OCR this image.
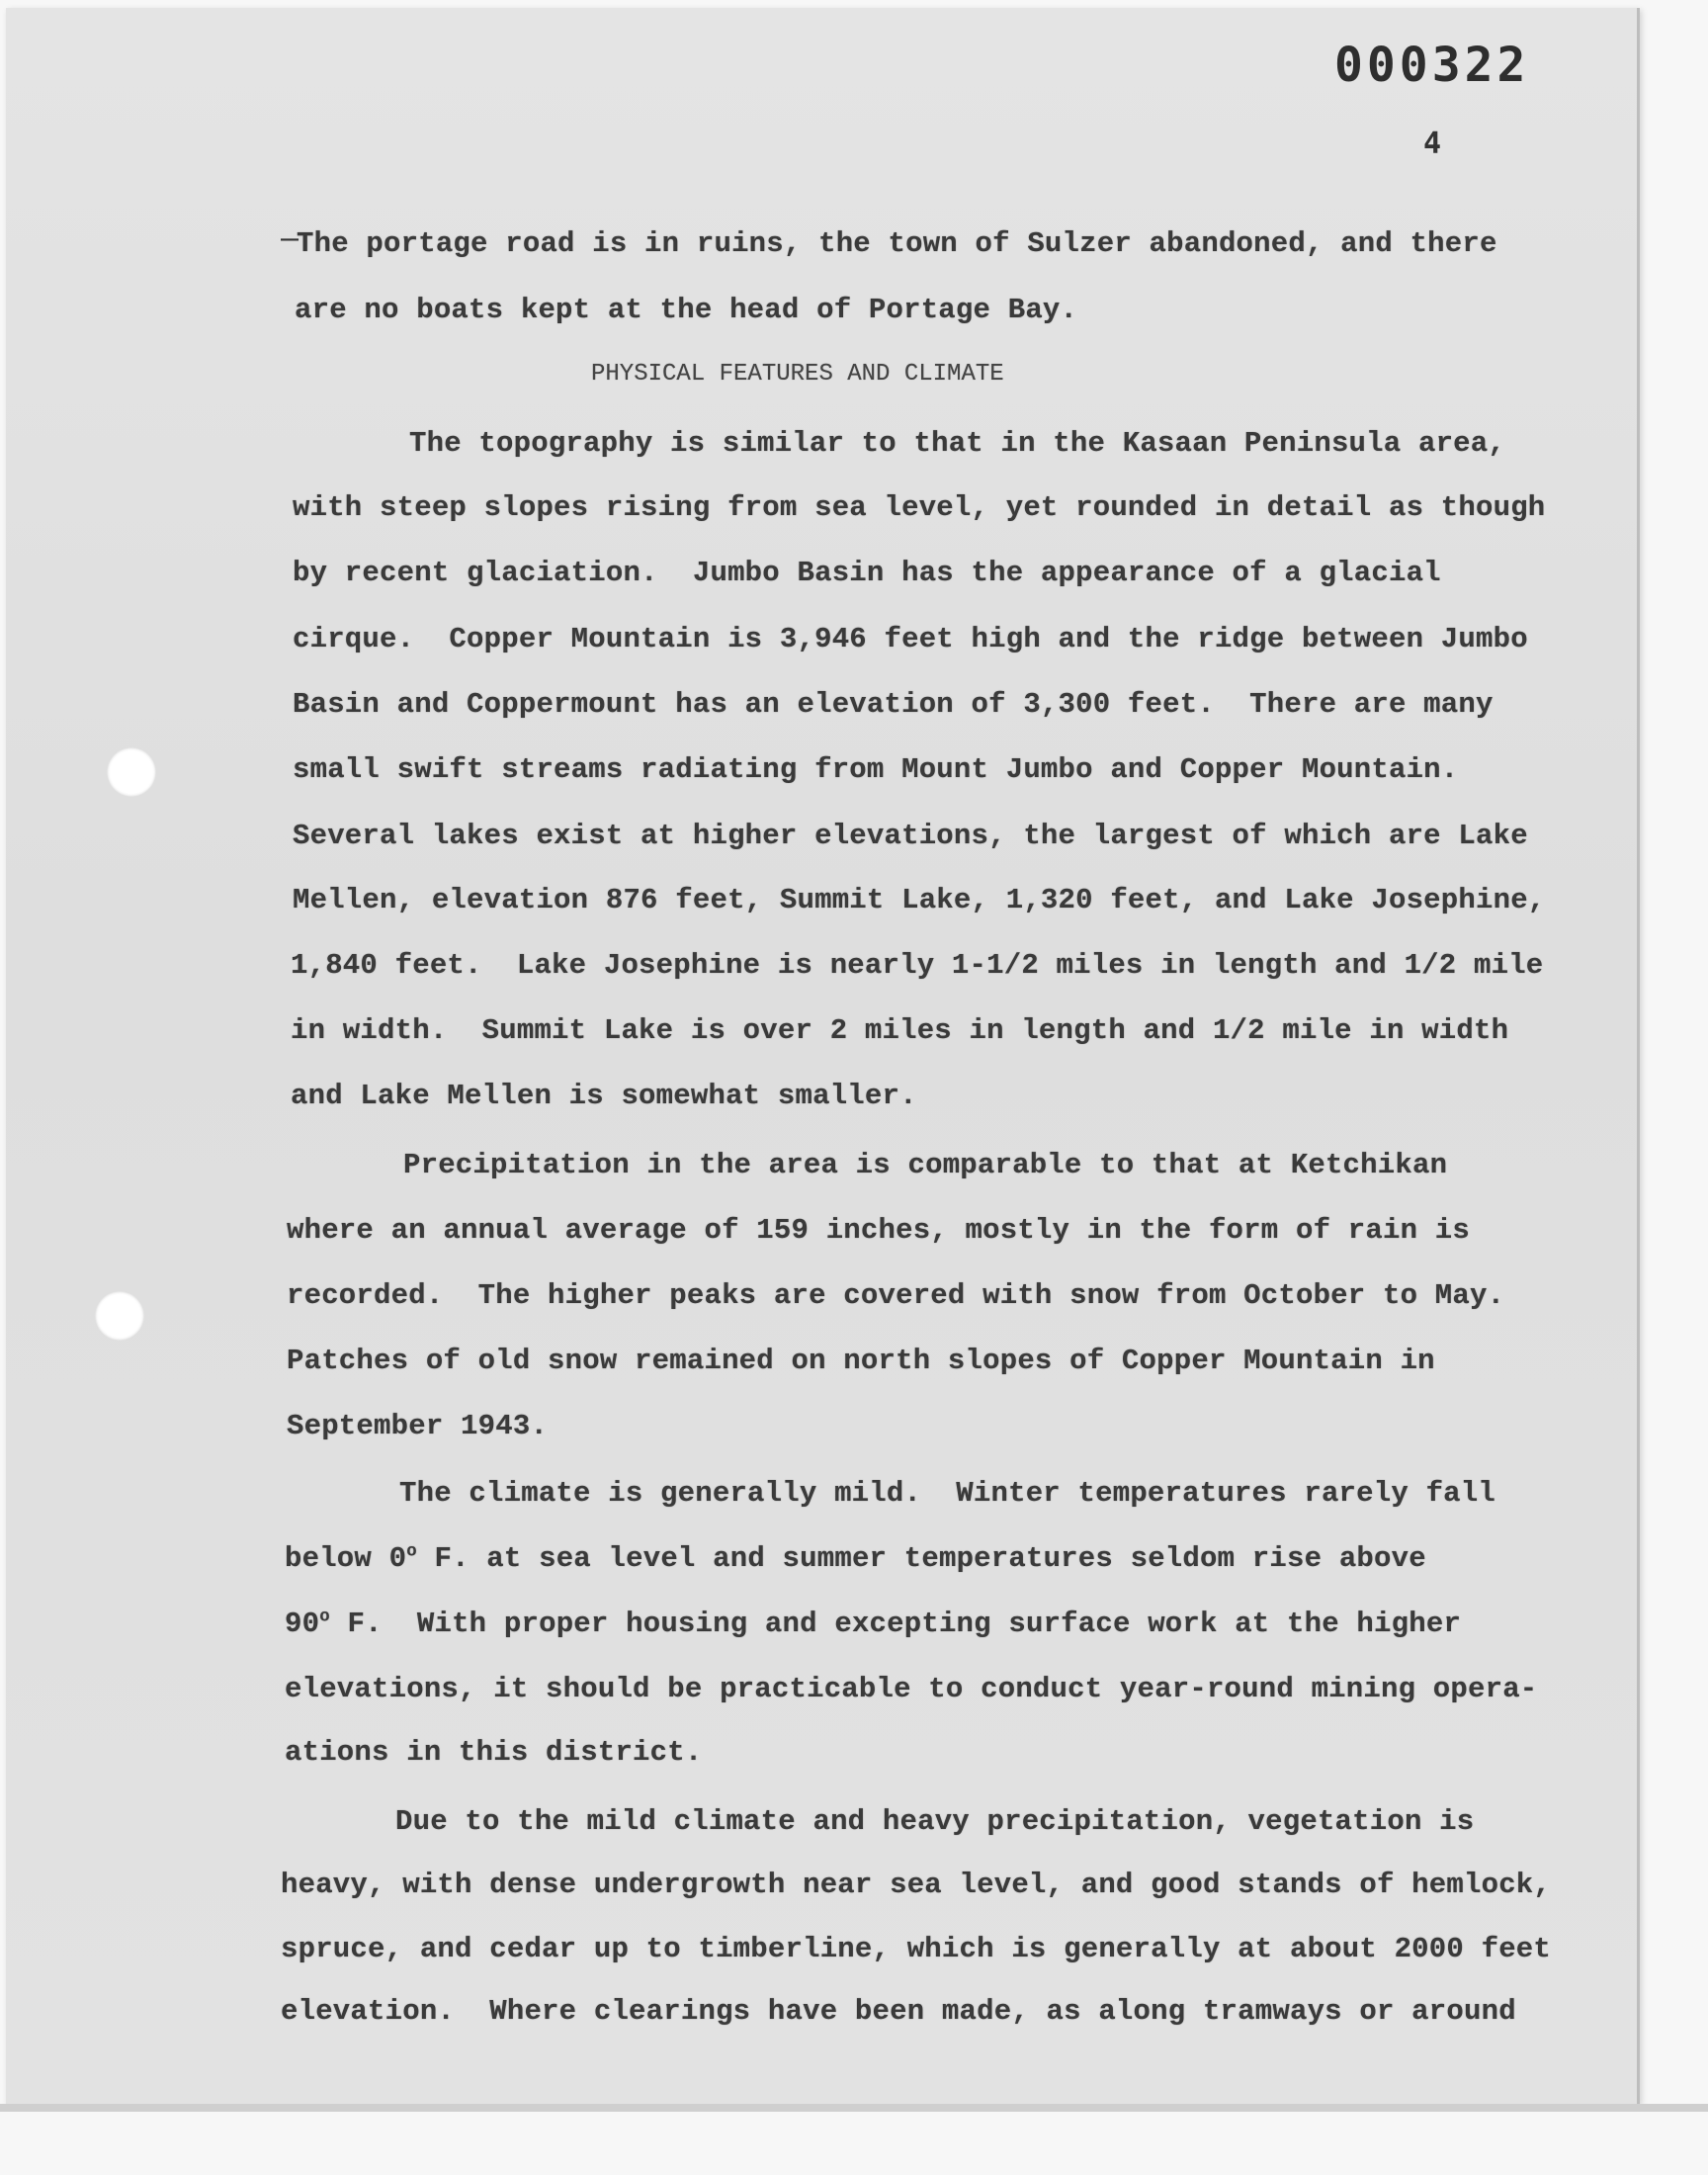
000322
4
—
The portage road is in ruins, the town of Sulzer abandoned, and there
are no boats kept at the head of Portage Bay.
PHYSICAL FEATURES AND CLIMATE
The topography is similar to that in the Kasaan Peninsula area,
with steep slopes rising from sea level, yet rounded in detail as though
by recent glaciation.  Jumbo Basin has the appearance of a glacial
cirque.  Copper Mountain is 3,946 feet high and the ridge between Jumbo
Basin and Coppermount has an elevation of 3,300 feet.  There are many
small swift streams radiating from Mount Jumbo and Copper Mountain.
Several lakes exist at higher elevations, the largest of which are Lake
Mellen, elevation 876 feet, Summit Lake, 1,320 feet, and Lake Josephine,
1,840 feet.  Lake Josephine is nearly 1-1/2 miles in length and 1/2 mile
in width.  Summit Lake is over 2 miles in length and 1/2 mile in width
and Lake Mellen is somewhat smaller.
Precipitation in the area is comparable to that at Ketchikan
where an annual average of 159 inches, mostly in the form of rain is
recorded.  The higher peaks are covered with snow from October to May.
Patches of old snow remained on north slopes of Copper Mountain in
September 1943.
The climate is generally mild.  Winter temperatures rarely fall
below 0$^o$ F. at sea level and summer temperatures seldom rise above
90$^o$ F.  With proper housing and excepting surface work at the higher
elevations, it should be practicable to conduct year-round mining opera-
ations in this district.
Due to the mild climate and heavy precipitation, vegetation is
heavy, with dense undergrowth near sea level, and good stands of hemlock,
spruce, and cedar up to timberline, which is generally at about 2000 feet
elevation.  Where clearings have been made, as along tramways or around
